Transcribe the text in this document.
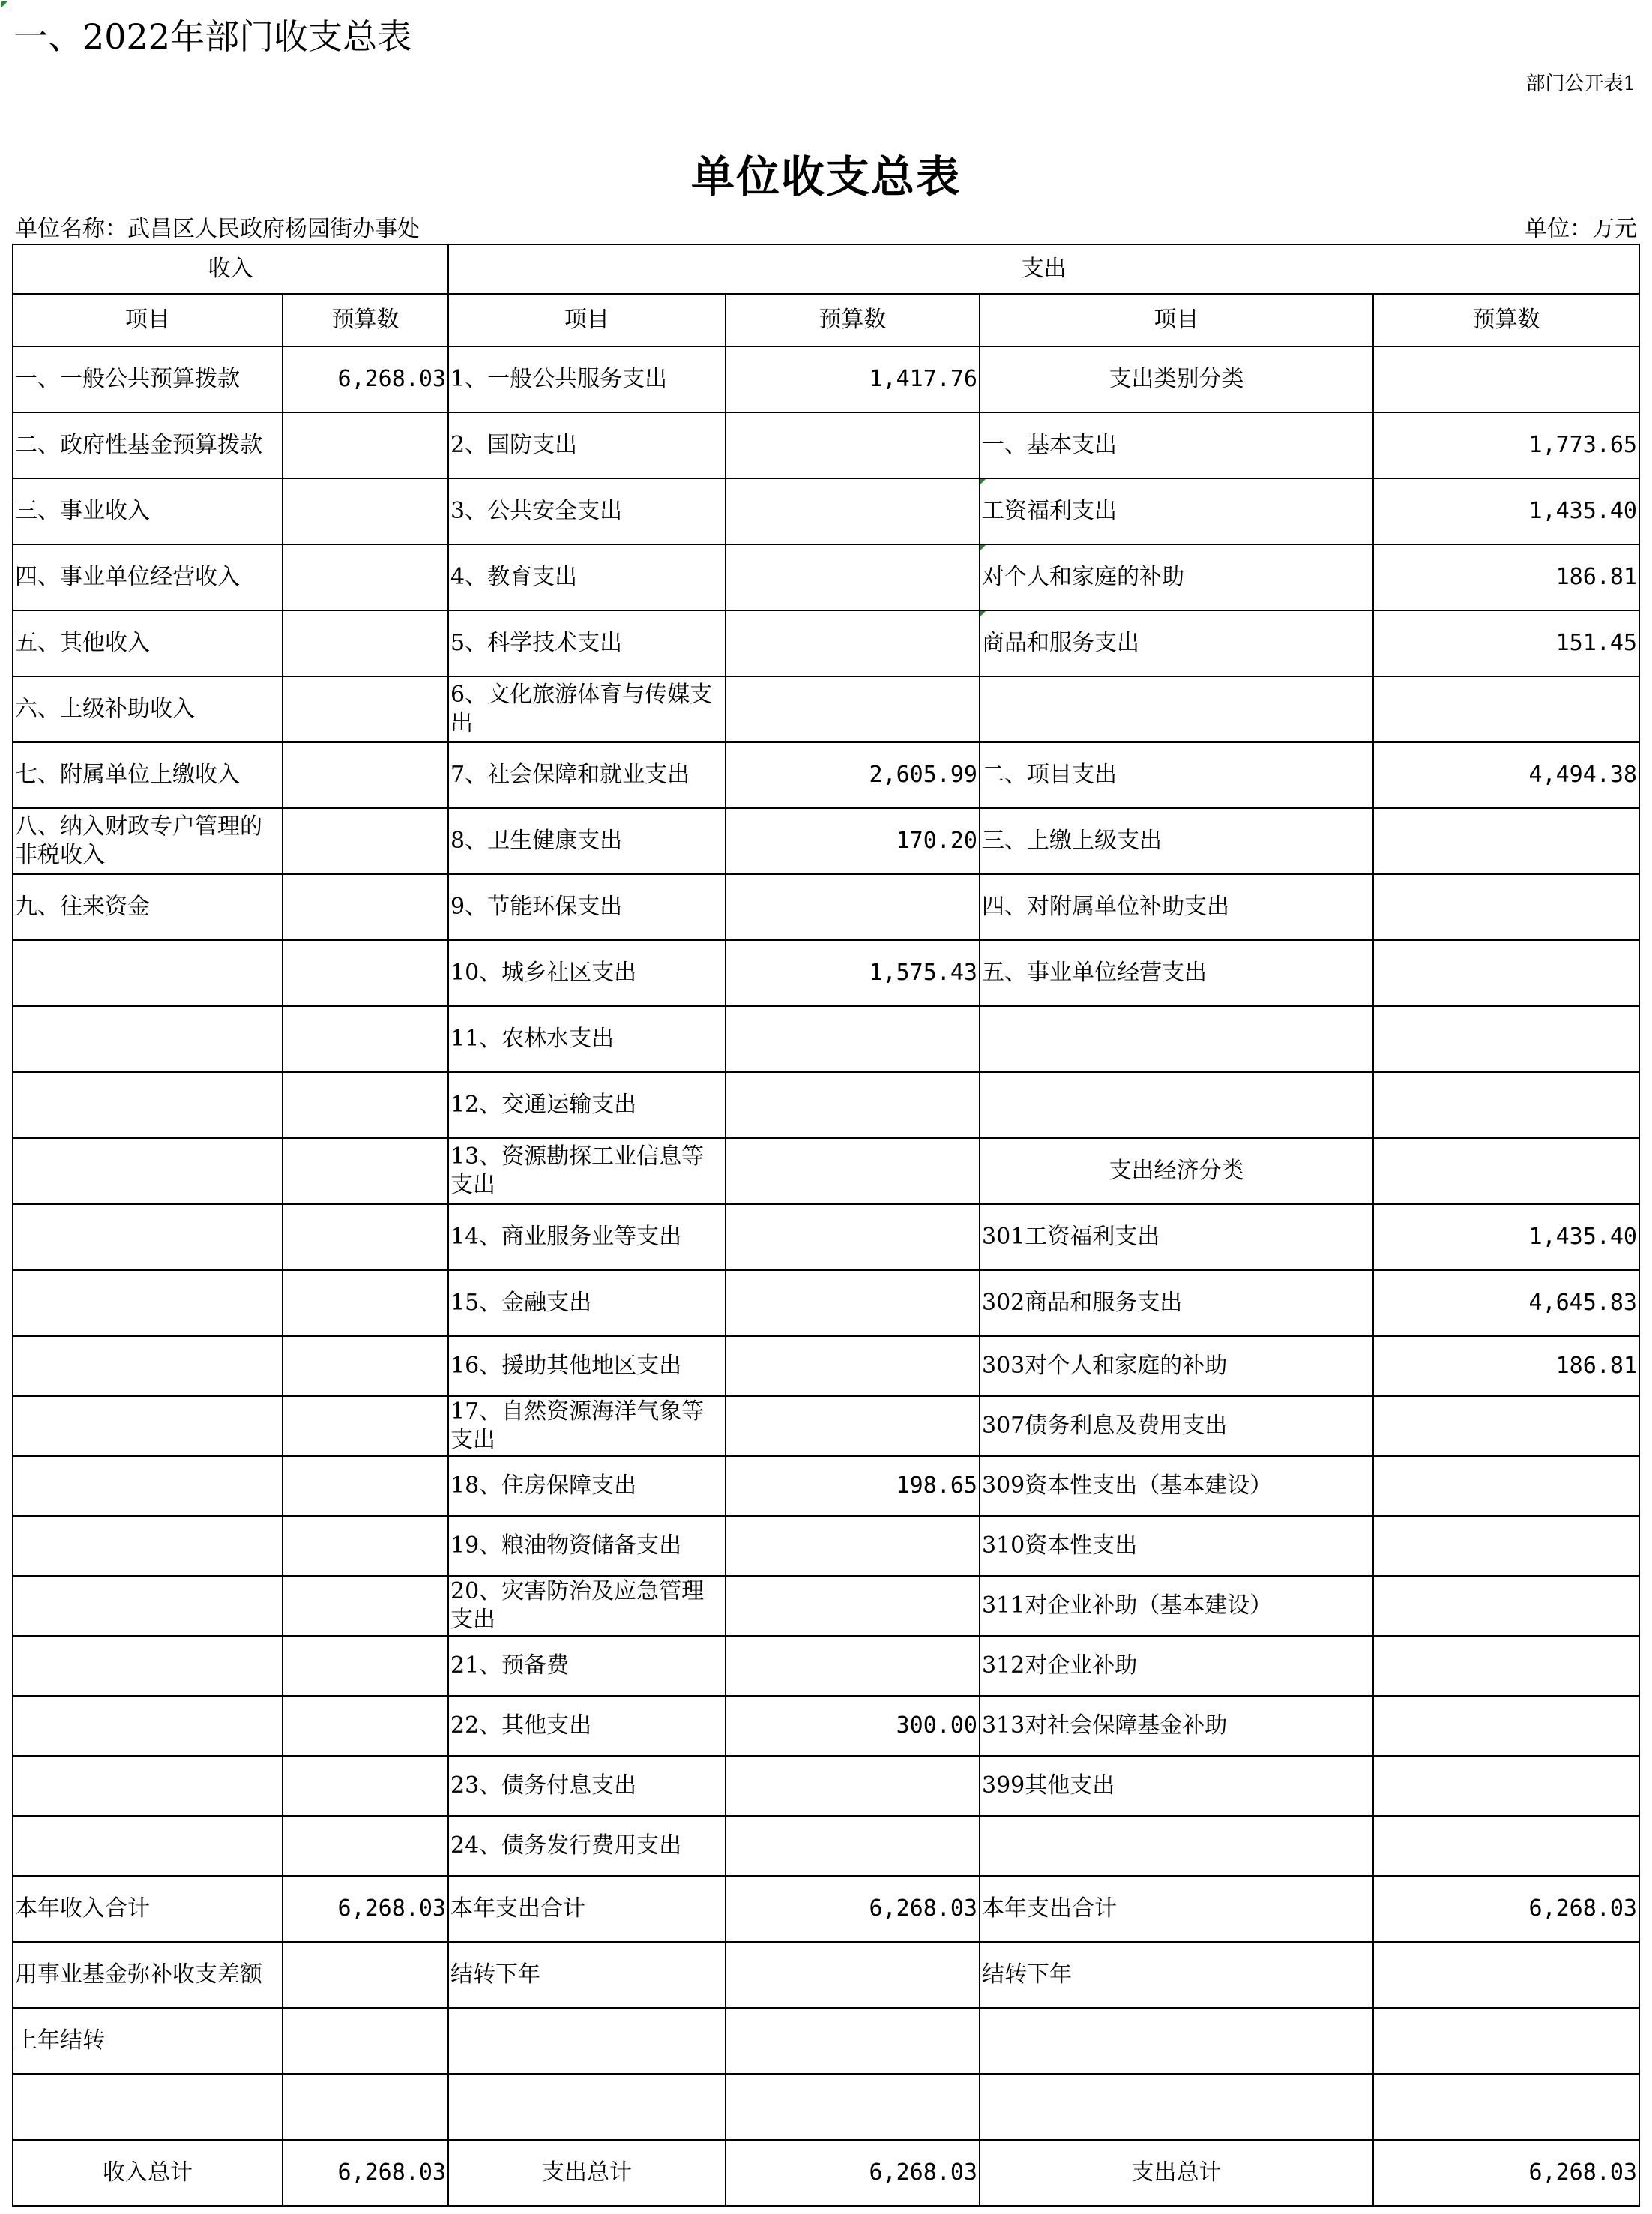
一、2022年部门收支总表
部门公开表1
单位收支总表
单位名称：武昌区人民政府杨园街办事处	单位：万元
收入		支出			
项目	预算数	项目	预算数	项目	预算数
一、一般公共预算拨款	6,268.03	1、一般公共服务支出	1,417.76	支出类别分类	
二、政府性基金预算拨款		2、国防支出		一、基本支出	1,773.65
三、事业收入		3、公共安全支出		工资福利支出	1,435.40
四、事业单位经营收入		4、教育支出		对个人和家庭的补助	186.81
五、其他收入		5、科学技术支出		商品和服务支出	151.45
六、上级补助收入		6、文化旅游体育与传媒支出			
七、附属单位上缴收入		7、社会保障和就业支出	2,605.99	二、项目支出	4,494.38
八、纳入财政专户管理的非税收入		8、卫生健康支出	170.20	三、上缴上级支出	
九、往来资金		9、节能环保支出		四、对附属单位补助支出	
		10、城乡社区支出	1,575.43	五、事业单位经营支出	
		11、农林水支出			
		12、交通运输支出			
		13、资源勘探工业信息等支出		支出经济分类	
		14、商业服务业等支出		301工资福利支出	1,435.40
		15、金融支出		302商品和服务支出	4,645.83
		16、援助其他地区支出		303对个人和家庭的补助	186.81
		17、自然资源海洋气象等支出		307债务利息及费用支出	
		18、住房保障支出	198.65	309资本性支出（基本建设）	
		19、粮油物资储备支出		310资本性支出	
		20、灾害防治及应急管理支出		311对企业补助（基本建设）	
		21、预备费		312对企业补助	
		22、其他支出	300.00	313对社会保障基金补助	
		23、债务付息支出		399其他支出	
		24、债务发行费用支出			
本年收入合计	6,268.03	本年支出合计	6,268.03	本年支出合计	6,268.03
用事业基金弥补收支差额		结转下年		结转下年	
上年结转					

收入总计	6,268.03	支出总计	6,268.03	支出总计	6,268.03
